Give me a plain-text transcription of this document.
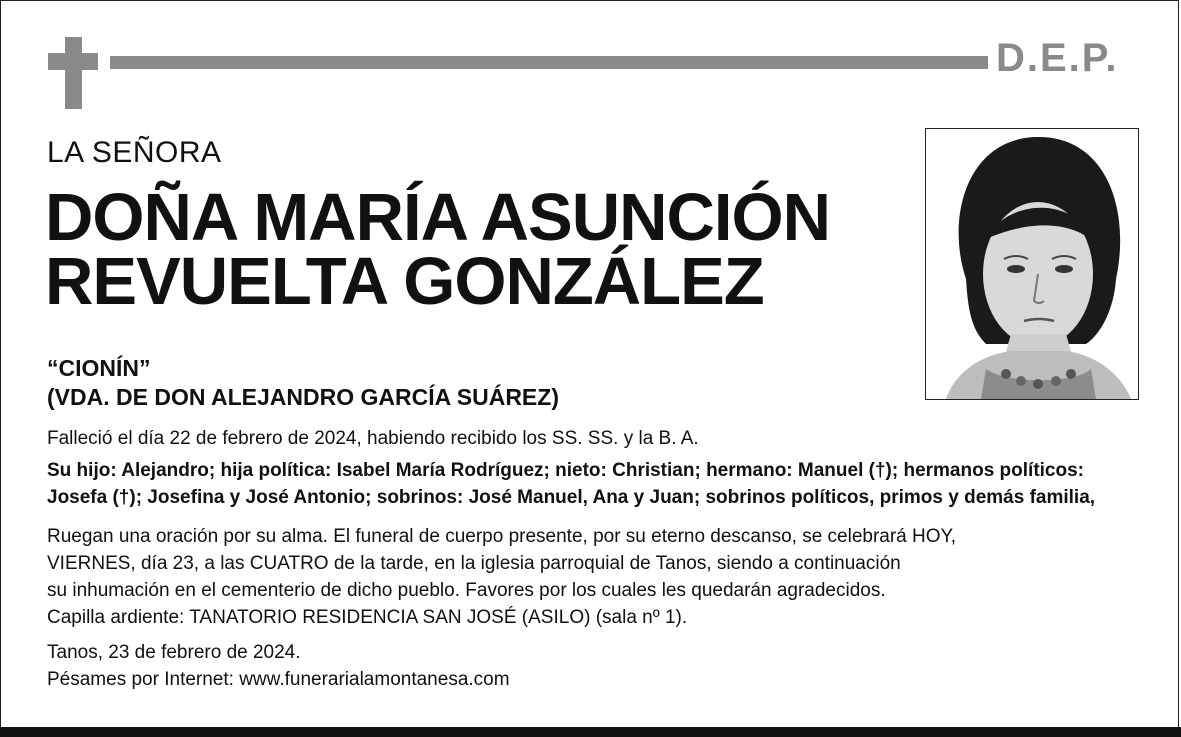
D.E.P.
LA SEÑORA
DOÑA MARÍA ASUNCIÓN
REVUELTA GONZÁLEZ
“CIONÍN”
(VDA. DE DON ALEJANDRO GARCÍA SUÁREZ)
Falleció el día 22 de febrero de 2024, habiendo recibido los SS. SS. y la B. A.
Su hijo: Alejandro; hija política: Isabel María Rodríguez; nieto: Christian; hermano: Manuel (†); hermanos políticos:
Josefa (†); Josefina y José Antonio; sobrinos: José Manuel, Ana y Juan; sobrinos políticos, primos y demás familia,
Ruegan una oración por su alma. El funeral de cuerpo presente, por su eterno descanso, se celebrará HOY,
VIERNES, día 23, a las CUATRO de la tarde, en la iglesia parroquial de Tanos, siendo a continuación
su inhumación en el cementerio de dicho pueblo. Favores por los cuales les quedarán agradecidos.
Capilla ardiente: TANATORIO RESIDENCIA SAN JOSÉ (ASILO) (sala nº 1).
Tanos, 23 de febrero de 2024.
Pésames por Internet: www.funerarialamontanesa.com
